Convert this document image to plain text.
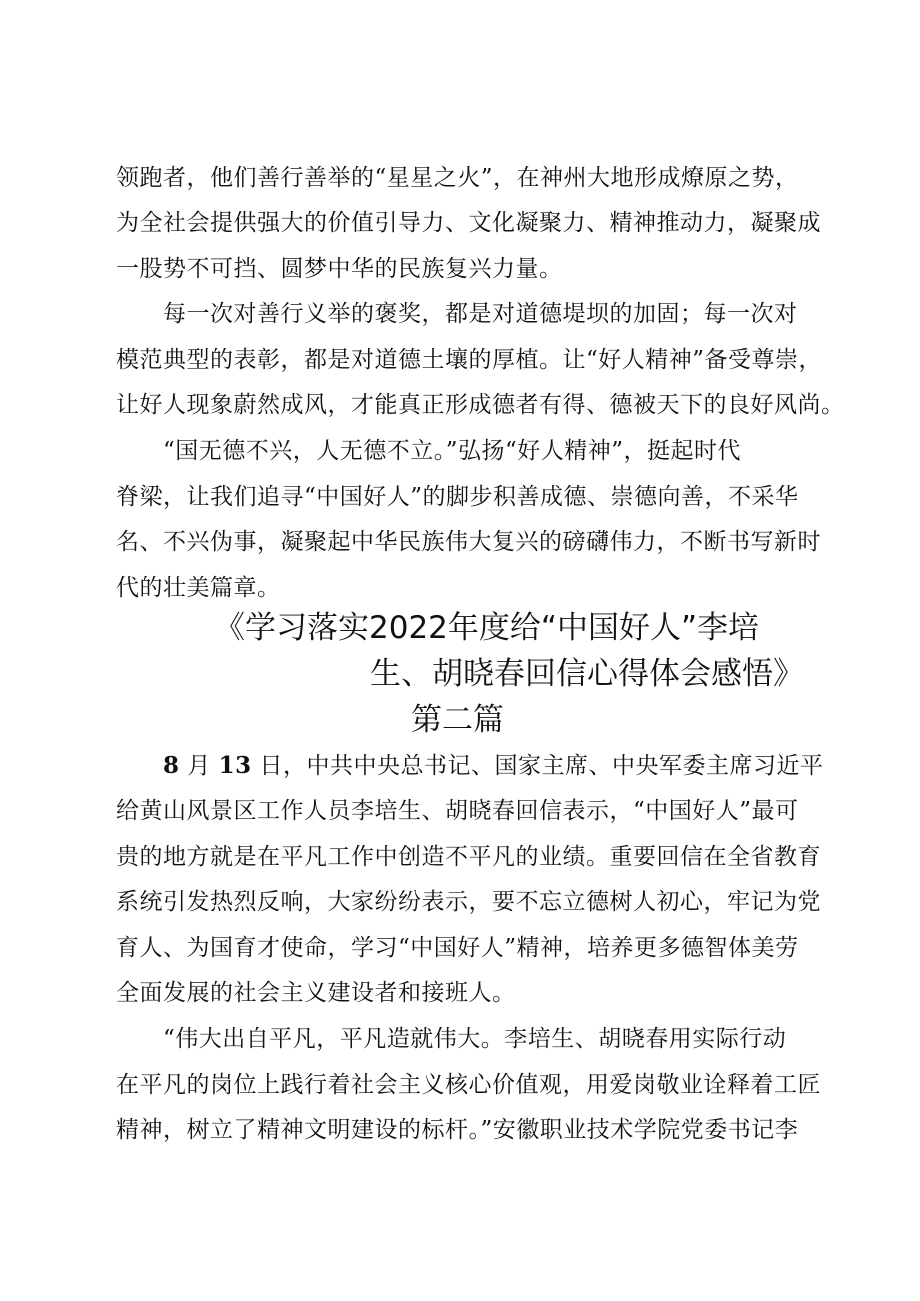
领跑者，他们善行善举的“星星之火”，在神州大地形成燎原之势，
为全社会提供强大的价值引导力、文化凝聚力、精神推动力，凝聚成
一股势不可挡、圆梦中华的民族复兴力量。
每一次对善行义举的褒奖，都是对道德堤坝的加固；每一次对
模范典型的表彰，都是对道德土壤的厚植。让“好人精神”备受尊崇，
让好人现象蔚然成风，才能真正形成德者有得、德被天下的良好风尚。
“国无德不兴，人无德不立。”弘扬“好人精神”，挺起时代
脊梁，让我们追寻“中国好人”的脚步积善成德、崇德向善，不采华
名、不兴伪事，凝聚起中华民族伟大复兴的磅礴伟力，不断书写新时
代的壮美篇章。
《学习落实2022年度给“中国好人”李培
生、胡晓春回信心得体会感悟》
第二篇
8 月 13 日，中共中央总书记、国家主席、中央军委主席习近平
给黄山风景区工作人员李培生、胡晓春回信表示，“中国好人”最可
贵的地方就是在平凡工作中创造不平凡的业绩。重要回信在全省教育
系统引发热烈反响，大家纷纷表示，要不忘立德树人初心，牢记为党
育人、为国育才使命，学习“中国好人”精神，培养更多德智体美劳
全面发展的社会主义建设者和接班人。
“伟大出自平凡，平凡造就伟大。李培生、胡晓春用实际行动
在平凡的岗位上践行着社会主义核心价值观，用爱岗敬业诠释着工匠
精神，树立了精神文明建设的标杆。”安徽职业技术学院党委书记李
